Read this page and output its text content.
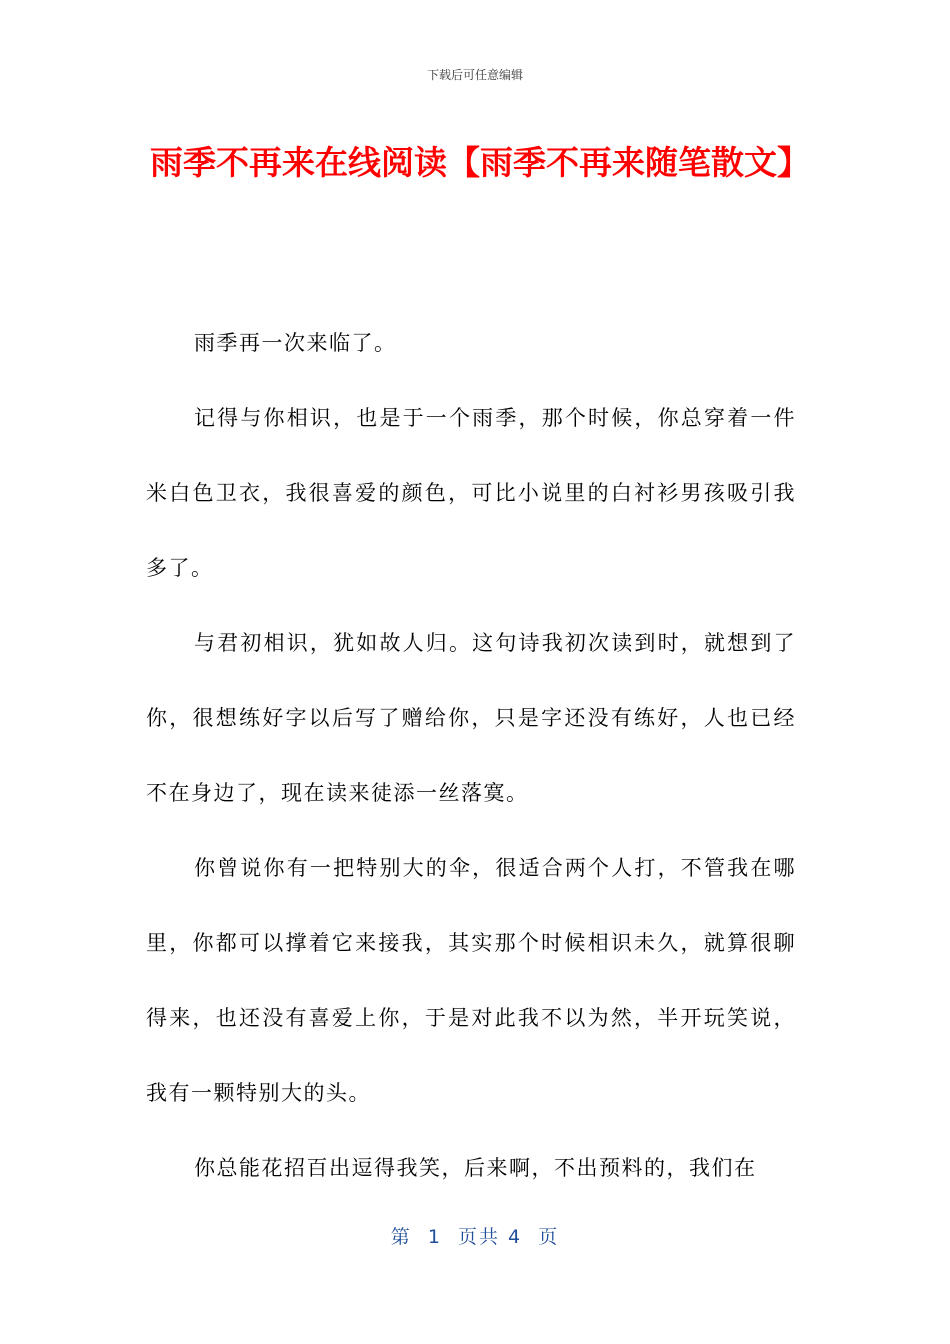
下载后可任意编辑
雨季不再来在线阅读【雨季不再来随笔散文】

雨季再一次来临了。

记得与你相识，也是于一个雨季，那个时候，你总穿着一件米白色卫衣，我很喜爱的颜色，可比小说里的白衬衫男孩吸引我多了。

与君初相识，犹如故人归。这句诗我初次读到时，就想到了你，很想练好字以后写了赠给你，只是字还没有练好，人也已经不在身边了，现在读来徒添一丝落寞。

你曾说你有一把特别大的伞，很适合两个人打，不管我在哪里，你都可以撑着它来接我，其实那个时候相识未久，就算很聊得来，也还没有喜爱上你，于是对此我不以为然，半开玩笑说，我有一颗特别大的头。

你总能花招百出逗得我笑，后来啊，不出预料的，我们在

第  1  页共 4  页
